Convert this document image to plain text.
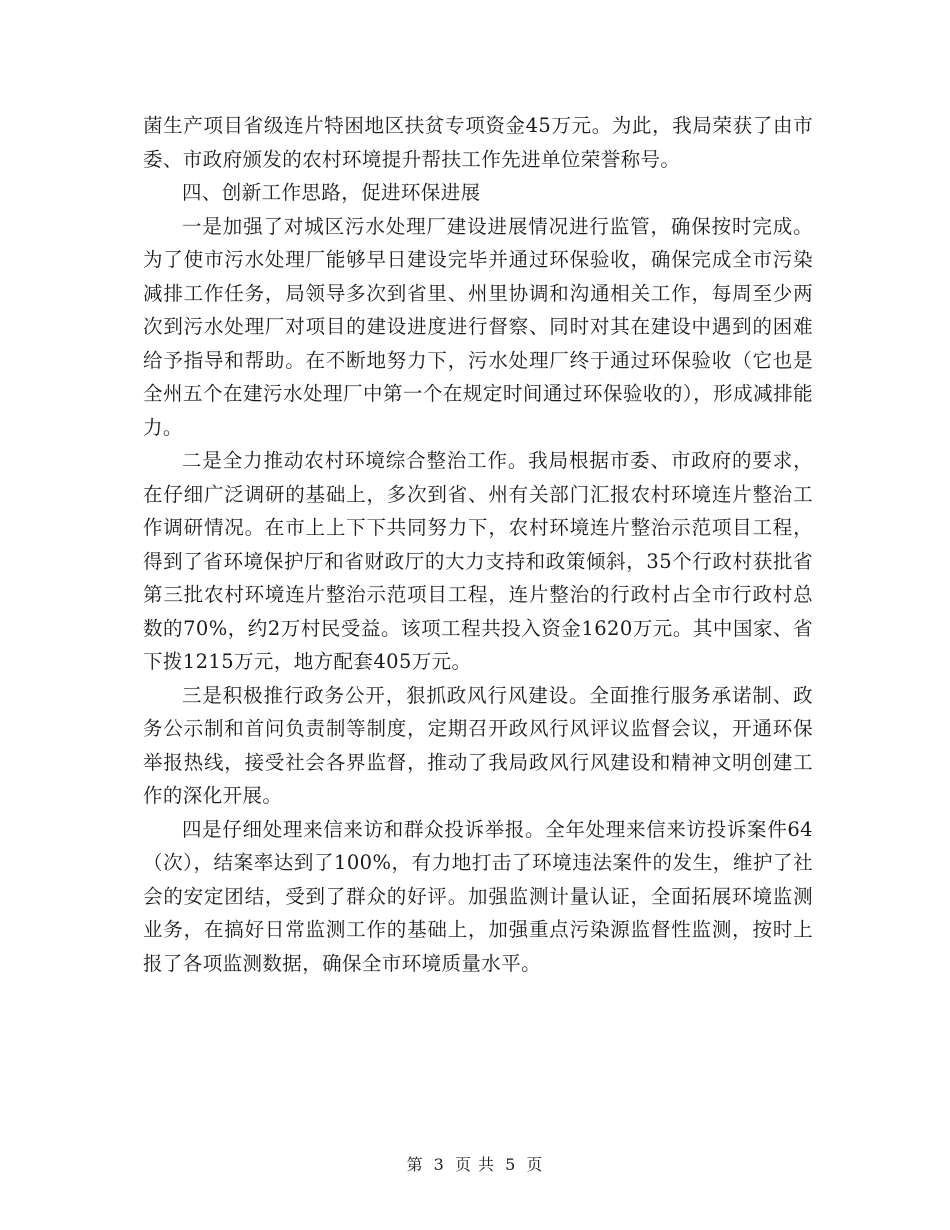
菌生产项目省级连片特困地区扶贫专项资金45万元。为此，我局荣获了由市委、市政府颁发的农村环境提升帮扶工作先进单位荣誉称号。

四、创新工作思路，促进环保进展

一是加强了对城区污水处理厂建设进展情况进行监管，确保按时完成。为了使市污水处理厂能够早日建设完毕并通过环保验收，确保完成全市污染减排工作任务，局领导多次到省里、州里协调和沟通相关工作，每周至少两次到污水处理厂对项目的建设进度进行督察、同时对其在建设中遇到的困难给予指导和帮助。在不断地努力下，污水处理厂终于通过环保验收（它也是全州五个在建污水处理厂中第一个在规定时间通过环保验收的），形成减排能力。

二是全力推动农村环境综合整治工作。我局根据市委、市政府的要求，在仔细广泛调研的基础上，多次到省、州有关部门汇报农村环境连片整治工作调研情况。在市上上下下共同努力下，农村环境连片整治示范项目工程，得到了省环境保护厅和省财政厅的大力支持和政策倾斜，35个行政村获批省第三批农村环境连片整治示范项目工程，连片整治的行政村占全市行政村总数的70%，约2万村民受益。该项工程共投入资金1620万元。其中国家、省下拨1215万元，地方配套405万元。

三是积极推行政务公开，狠抓政风行风建设。全面推行服务承诺制、政务公示制和首问负责制等制度，定期召开政风行风评议监督会议，开通环保举报热线，接受社会各界监督，推动了我局政风行风建设和精神文明创建工作的深化开展。

四是仔细处理来信来访和群众投诉举报。全年处理来信来访投诉案件64（次），结案率达到了100%，有力地打击了环境违法案件的发生，维护了社会的安定团结，受到了群众的好评。加强监测计量认证，全面拓展环境监测业务，在搞好日常监测工作的基础上，加强重点污染源监督性监测，按时上报了各项监测数据，确保全市环境质量水平。

第 3 页 共 5 页
